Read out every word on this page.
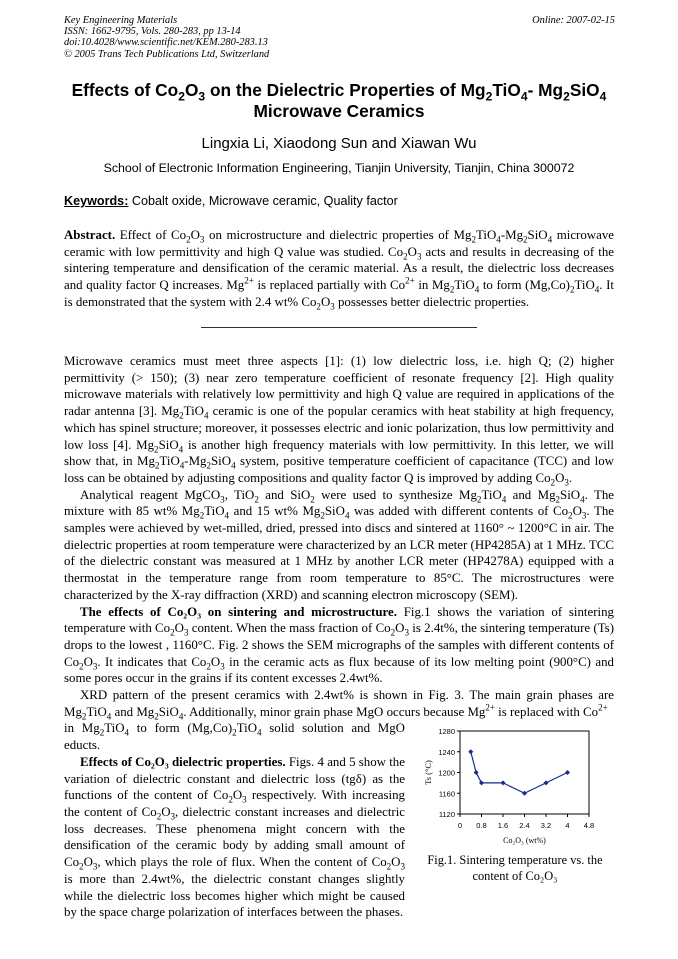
Key Engineering Materials
ISSN: 1662-9795, Vols. 280-283, pp 13-14
doi:10.4028/www.scientific.net/KEM.280-283.13
© 2005 Trans Tech Publications Ltd, Switzerland
Online: 2007-02-15
Effects of $Co_2O_3$ on the Dielectric Properties of $Mg_2TiO_4-$ $Mg_2SiO_4$
Microwave Ceramics
Lingxia Li, Xiaodong Sun and Xiawan Wu
School of Electronic Information Engineering, Tianjin University, Tianjin, China 300072
Keywords: Cobalt oxide, Microwave ceramic, Quality factor

Abstract. Effect of $Co_2O_3$ on microstructure and dielectric properties of $Mg_2TiO_4-Mg_2SiO_4$ microwave ceramic with low permittivity and high Q value was studied. $Co_2O_3$ acts and results in decreasing of the sintering temperature and densification of the ceramic material. As a result, the dielectric loss decreases and quality factor Q increases. $Mg^{2+}$ is replaced partially with $Co^{2+}$ in $Mg_2TiO_4$ to form $(Mg,Co)_2TiO_4$. It is demonstrated that the system with 2.4 wt% $Co_2O_3$ possesses better dielectric properties.

Microwave ceramics must meet three aspects [1]: (1) low dielectric loss, i.e. high Q; (2) higher permittivity (> 150); (3) near zero temperature coefficient of resonate frequency [2]. High quality microwave materials with relatively low permittivity and high Q value are required in applications of the radar antenna [3]. $Mg_2TiO_4$ ceramic is one of the popular ceramics with heat stability at high frequency, which has spinel structure; moreover, it possesses electric and ionic polarization, thus low permittivity and low loss [4]. $Mg_2SiO_4$ is another high frequency materials with low permittivity. In this letter, we will show that, in $Mg_2TiO_4-Mg_2SiO_4$ system, positive temperature coefficient of capacitance (TCC) and low loss can be obtained by adjusting compositions and quality factor Q is improved by adding $Co_2O_3$.

Analytical reagent MgCO$_3$, TiO$_2$ and SiO$_2$ were used to synthesize $Mg_2TiO_4$ and $Mg_2SiO_4$. The mixture with 85 wt% $Mg_2TiO_4$ and 15 wt% $Mg_2SiO_4$ was added with different contents of $Co_2O_3$. The samples were achieved by wet-milled, dried, pressed into discs and sintered at 1160° ~ 1200°C in air. The dielectric properties at room temperature were characterized by an LCR meter (HP4285A) at 1 MHz. TCC of the dielectric constant was measured at 1 MHz by another LCR meter (HP4278A) equipped with a thermostat in the temperature range from room temperature to 85°C. The microstructures were characterized by the X-ray diffraction (XRD) and scanning electron microscopy (SEM).

The effects of Co₂O₃ on sintering and microstructure. Fig.1 shows the variation of sintering temperature with $Co_2O_3$ content. When the mass fraction of $Co_2O_3$ is 2.4t%, the sintering temperature (Ts) drops to the lowest , 1160°C. Fig. 2 shows the SEM micrographs of the samples with different contents of $Co_2O_3$. It indicates that $Co_2O_3$ in the ceramic acts as flux because of its low melting point (900°C) and some pores occur in the grains if its content excesses 2.4wt%.

XRD pattern of the present ceramics with 2.4wt% is shown in Fig. 3. The main grain phases are $Mg_2TiO_4$ and $Mg_2SiO_4$. Additionally, minor grain phase MgO occurs because $Mg^{2+}$ is replaced with $Co^{2+}$

in $Mg_2TiO_4$ to form $(Mg,Co)_2TiO_4$ solid solution and MgO educts.

Effects of Co₂O₃ dielectric properties. Figs. 4 and 5 show the variation of dielectric constant and dielectric loss (tgδ) as the functions of the content of $Co_2O_3$ respectively. With increasing the content of $Co_2O_3$, dielectric constant increases and dielectric loss decreases. These phenomena might concern with the densification of the ceramic body by adding small amount of $Co_2O_3$, which plays the role of flux. When the content of $Co_2O_3$ is more than 2.4wt%, the dielectric constant changes slightly while the dielectric loss becomes higher which might be caused by the space charge polarization of interfaces between the phases.

1120
1160
1200
1240
1280
0 0.8 1.6 2.4 3.2 4 4.8
Co₂O₃ (wt%)
Ts (°C)
Fig.1. Sintering temperature vs. the
content of Co₂O₃
